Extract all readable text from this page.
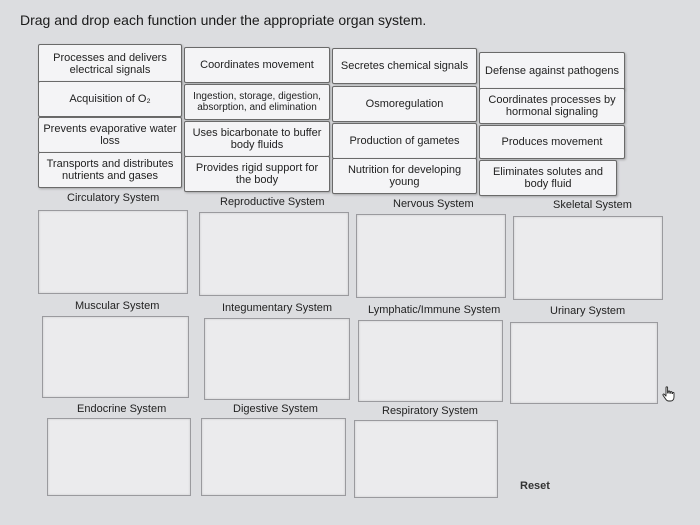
Drag and drop each function under the appropriate organ system.
Processes and delivers electrical signals	Coordinates movement	Secretes chemical signals	Defense against pathogens
Acquisition of O₂	Ingestion, storage, digestion, absorption, and elimination	Osmoregulation	Coordinates processes by hormonal signaling
Prevents evaporative water loss
Uses bicarbonate to buffer body fluids	Production of gametes	Produces movement
Transports and distributes nutrients and gases
Provides rigid support for the body
Nutrition for developing young
Eliminates solutes and body fluid
Circulatory System	Reproductive System	Nervous System	Skeletal System
Muscular System	Integumentary System	Lymphatic/Immune System	Urinary System
Endocrine System	Digestive System	Respiratory System
Reset
